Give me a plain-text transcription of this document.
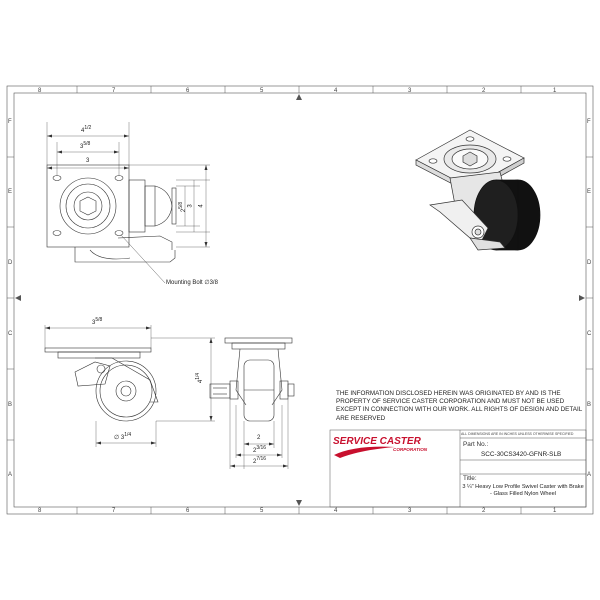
8	7	6	5	4	3	2	1
8	7	6	5	4	3	2	1
F
E
D
C
B
A
F
E
D
C
B
A
$4^{1/2}$
$3^{5/8}$
3
$2^{5/8}$ 3 4
Mounting Bolt ∅3/8
$3^{5/8}$
$4^{1/4}$
∅ $3^{1/4}$	2
$2^{3/16}$
$2^{7/16}$
THE INFORMATION DISCLOSED HEREIN WAS ORIGINATED BY AND IS THE PROPERTY OF SERVICE CASTER CORPORATION AND MUST NOT BE USED EXCEPT IN CONNECTION WITH OUR WORK. ALL RIGHTS OF DESIGN AND DETAIL ARE RESERVED
SERVICE CASTER
CORPORATION
ALL DIMENSIONS ARE IN INCHES UNLESS OTHERWISE SPECIFIED
Part No.:
SCC-30CS3420-GFNR-SLB
Title:
3 ¼" Heavy Low Profile Swivel Caster with Brake - Glass Filled Nylon Wheel
